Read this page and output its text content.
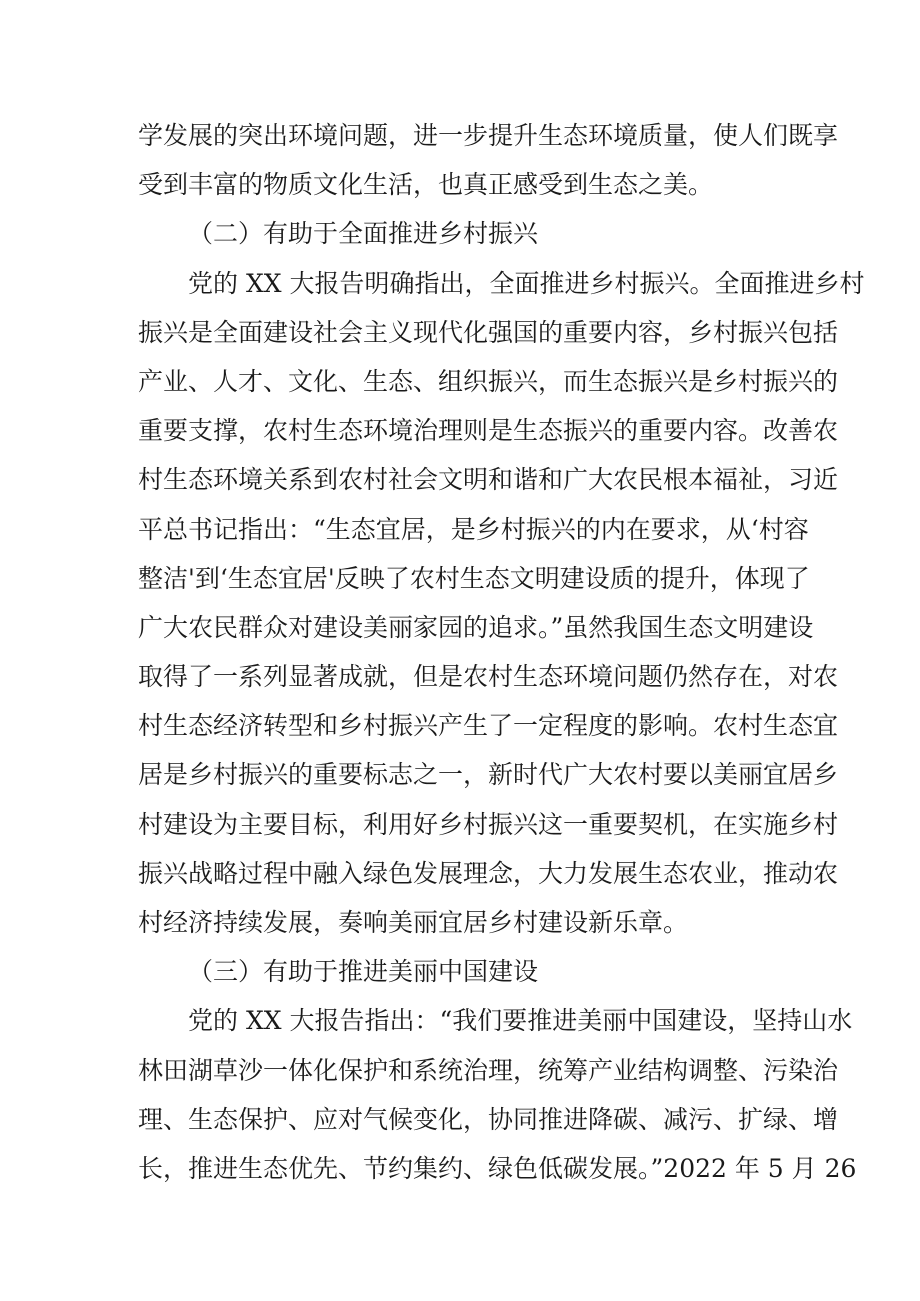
学发展的突出环境问题，进一步提升生态环境质量，使人们既享
受到丰富的物质文化生活，也真正感受到生态之美。
（二）有助于全面推进乡村振兴
党的 XX 大报告明确指出，全面推进乡村振兴。全面推进乡村
振兴是全面建设社会主义现代化强国的重要内容，乡村振兴包括
产业、人才、文化、生态、组织振兴，而生态振兴是乡村振兴的
重要支撑，农村生态环境治理则是生态振兴的重要内容。改善农
村生态环境关系到农村社会文明和谐和广大农民根本福祉，习近
平总书记指出：“生态宜居，是乡村振兴的内在要求，从‘村容
整洁'到‘生态宜居'反映了农村生态文明建设质的提升，体现了
广大农民群众对建设美丽家园的追求。”虽然我国生态文明建设
取得了一系列显著成就，但是农村生态环境问题仍然存在，对农
村生态经济转型和乡村振兴产生了一定程度的影响。农村生态宜
居是乡村振兴的重要标志之一，新时代广大农村要以美丽宜居乡
村建设为主要目标，利用好乡村振兴这一重要契机，在实施乡村
振兴战略过程中融入绿色发展理念，大力发展生态农业，推动农
村经济持续发展，奏响美丽宜居乡村建设新乐章。
（三）有助于推进美丽中国建设
党的 XX 大报告指出：“我们要推进美丽中国建设，坚持山水
林田湖草沙一体化保护和系统治理，统筹产业结构调整、污染治
理、生态保护、应对气候变化，协同推进降碳、减污、扩绿、增
长，推进生态优先、节约集约、绿色低碳发展。”2022 年 5 月 26
